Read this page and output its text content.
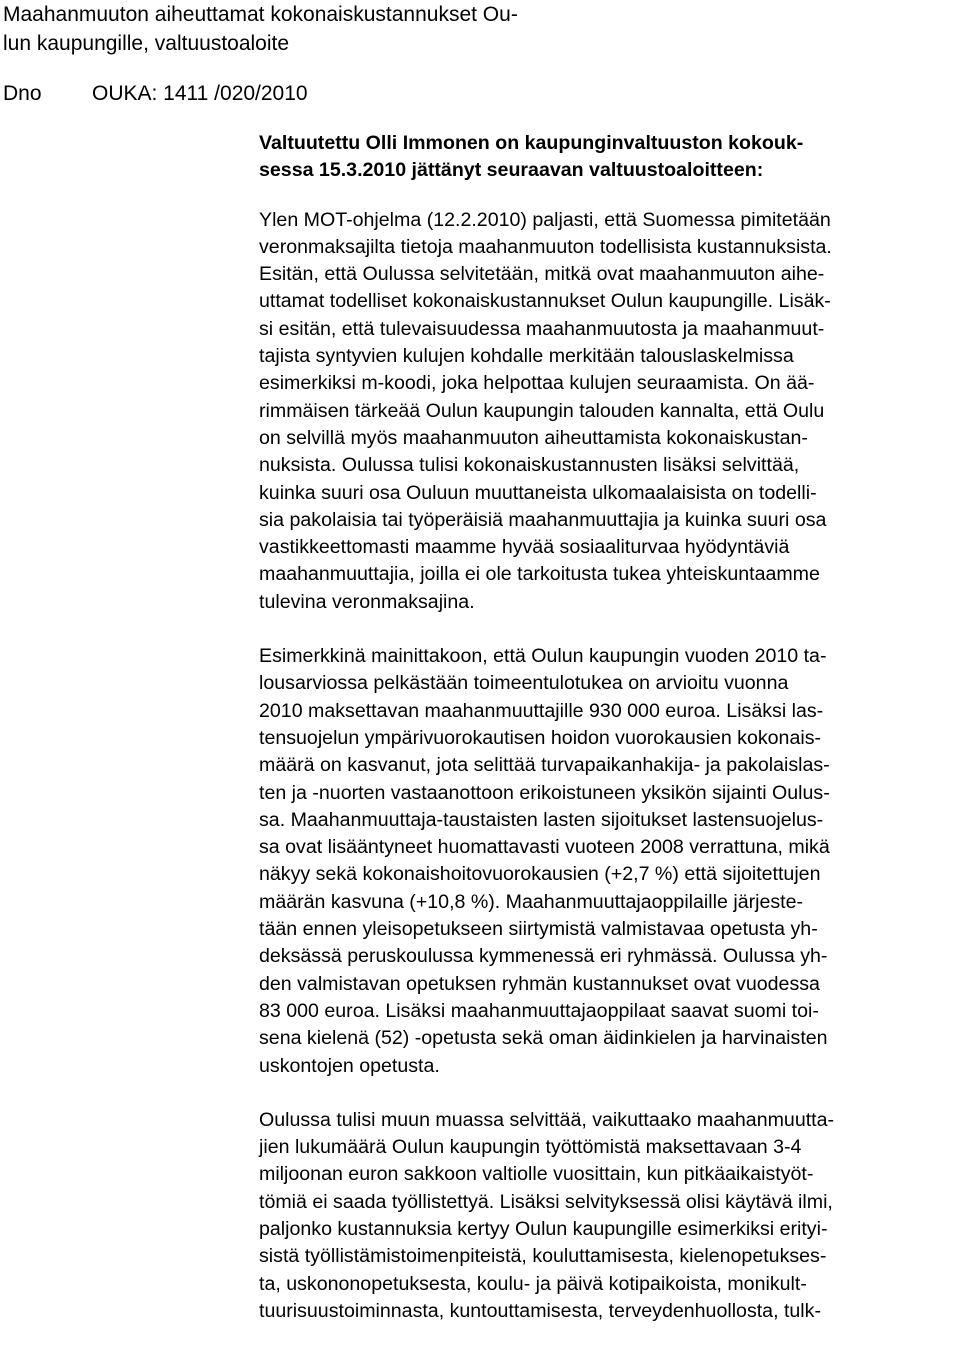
Maahanmuuton aiheuttamat kokonaiskustannukset Ou-
lun kaupungille, valtuustoaloite
Dno OUKA: 1411 /020/2010
Valtuutettu Olli Immonen on kaupunginvaltuuston kokouk-
sessa 15.3.2010 jättänyt seuraavan valtuustoaloitteen:
Ylen MOT-ohjelma (12.2.2010) paljasti, että Suomessa pimitetään
veronmaksajilta tietoja maahanmuuton todellisista kustannuksista.
Esitän, että Oulussa selvitetään, mitkä ovat maahanmuuton aihe-
uttamat todelliset kokonaiskustannukset Oulun kaupungille. Lisäk-
si esitän, että tulevaisuudessa maahanmuutosta ja maahanmuut-
tajista syntyvien kulujen kohdalle merkitään talouslaskelmissa
esimerkiksi m-koodi, joka helpottaa kulujen seuraamista. On ää-
rimmäisen tärkeää Oulun kaupungin talouden kannalta, että Oulu
on selvillä myös maahanmuuton aiheuttamista kokonaiskustan-
nuksista. Oulussa tulisi kokonaiskustannusten lisäksi selvittää,
kuinka suuri osa Ouluun muuttaneista ulkomaalaisista on todelli-
sia pakolaisia tai työperäisiä maahanmuuttajia ja kuinka suuri osa
vastikkeettomasti maamme hyvää sosiaaliturvaa hyödyntäviä
maahanmuuttajia, joilla ei ole tarkoitusta tukea yhteiskuntaamme
tulevina veronmaksajina.
Esimerkkinä mainittakoon, että Oulun kaupungin vuoden 2010 ta-
lousarviossa pelkästään toimeentulotukea on arvioitu vuonna
2010 maksettavan maahanmuuttajille 930 000 euroa. Lisäksi las-
tensuojelun ympärivuorokautisen hoidon vuorokausien kokonais-
määrä on kasvanut, jota selittää turvapaikanhakija- ja pakolaislas-
ten ja -nuorten vastaanottoon erikoistuneen yksikön sijainti Oulus-
sa. Maahanmuuttaja-taustaisten lasten sijoitukset lastensuojelus-
sa ovat lisääntyneet huomattavasti vuoteen 2008 verrattuna, mikä
näkyy sekä kokonaishoitovuorokausien (+2,7 %) että sijoitettujen
määrän kasvuna (+10,8 %). Maahanmuuttajaoppilaille järjeste-
tään ennen yleisopetukseen siirtymistä valmistavaa opetusta yh-
deksässä peruskoulussa kymmenessä eri ryhmässä. Oulussa yh-
den valmistavan opetuksen ryhmän kustannukset ovat vuodessa
83 000 euroa. Lisäksi maahanmuuttajaoppilaat saavat suomi toi-
sena kielenä (52) -opetusta sekä oman äidinkielen ja harvinaisten
uskontojen opetusta.
Oulussa tulisi muun muassa selvittää, vaikuttaako maahanmuutta-
jien lukumäärä Oulun kaupungin työttömistä maksettavaan 3-4
miljoonan euron sakkoon valtiolle vuosittain, kun pitkäaikaistyöt-
tömiä ei saada työllistettyä. Lisäksi selvityksessä olisi käytävä ilmi,
paljonko kustannuksia kertyy Oulun kaupungille esimerkiksi erityi-
sistä työllistämistoimenpiteistä, kouluttamisesta, kielenopetukses-
ta, uskononopetuksesta, koulu- ja päivä kotipaikoista, monikult-
tuurisuustoiminnasta, kuntouttamisesta, terveydenhuollosta, tulk-
